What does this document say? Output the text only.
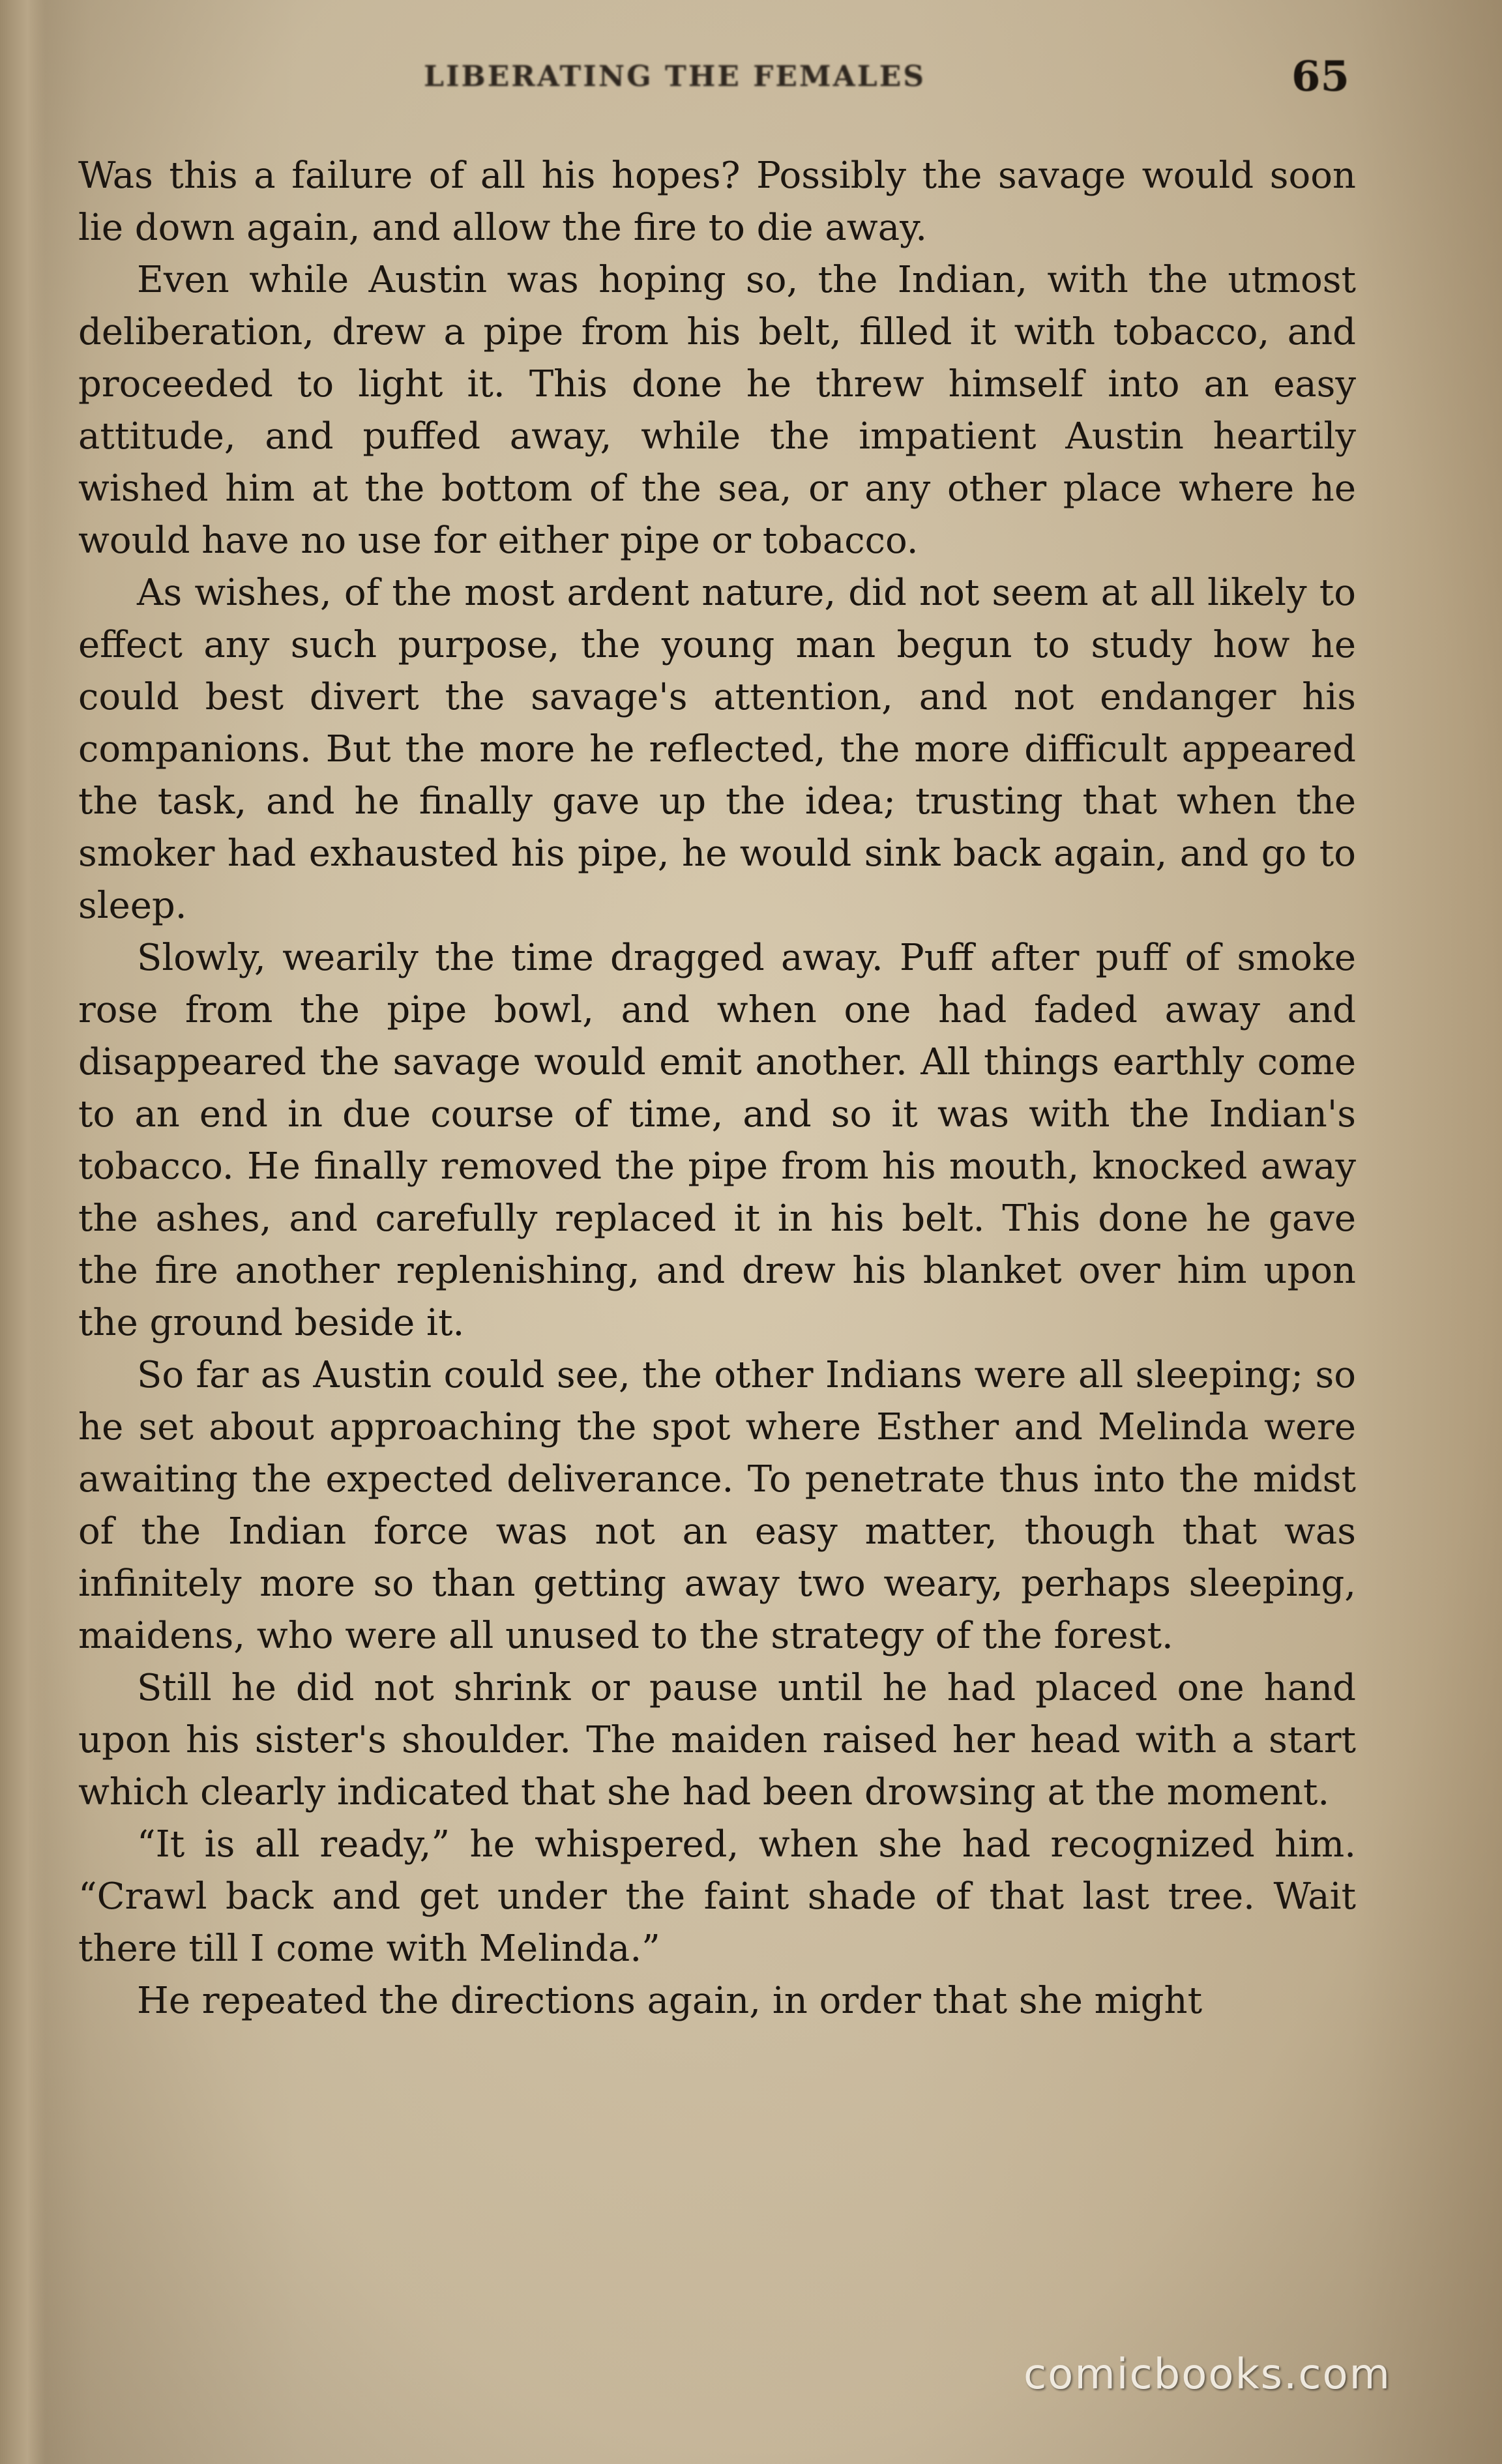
LIBERATING THE FEMALES	65

Was this a failure of all his hopes? Possibly the savage would soon lie down again, and allow the fire to die away.

Even while Austin was hoping so, the Indian, with the utmost deliberation, drew a pipe from his belt, filled it with tobacco, and proceeded to light it. This done he threw himself into an easy attitude, and puffed away, while the impatient Austin heartily wished him at the bottom of the sea, or any other place where he would have no use for either pipe or tobacco.

As wishes, of the most ardent nature, did not seem at all likely to effect any such purpose, the young man begun to study how he could best divert the savage's attention, and not endanger his companions. But the more he reflected, the more difficult appeared the task, and he finally gave up the idea; trusting that when the smoker had exhausted his pipe, he would sink back again, and go to sleep.

Slowly, wearily the time dragged away. Puff after puff of smoke rose from the pipe bowl, and when one had faded away and disappeared the savage would emit another. All things earthly come to an end in due course of time, and so it was with the Indian's tobacco. He finally removed the pipe from his mouth, knocked away the ashes, and carefully replaced it in his belt. This done he gave the fire another replenishing, and drew his blanket over him upon the ground beside it.

So far as Austin could see, the other Indians were all sleeping; so he set about approaching the spot where Esther and Melinda were awaiting the expected deliverance. To penetrate thus into the midst of the Indian force was not an easy matter, though that was infinitely more so than getting away two weary, perhaps sleeping, maidens, who were all unused to the strategy of the forest.

Still he did not shrink or pause until he had placed one hand upon his sister's shoulder. The maiden raised her head with a start which clearly indicated that she had been drowsing at the moment.

“It is all ready,” he whispered, when she had recognized him. “Crawl back and get under the faint shade of that last tree. Wait there till I come with Melinda.”

He repeated the directions again, in order that she might

comicbooks.com
